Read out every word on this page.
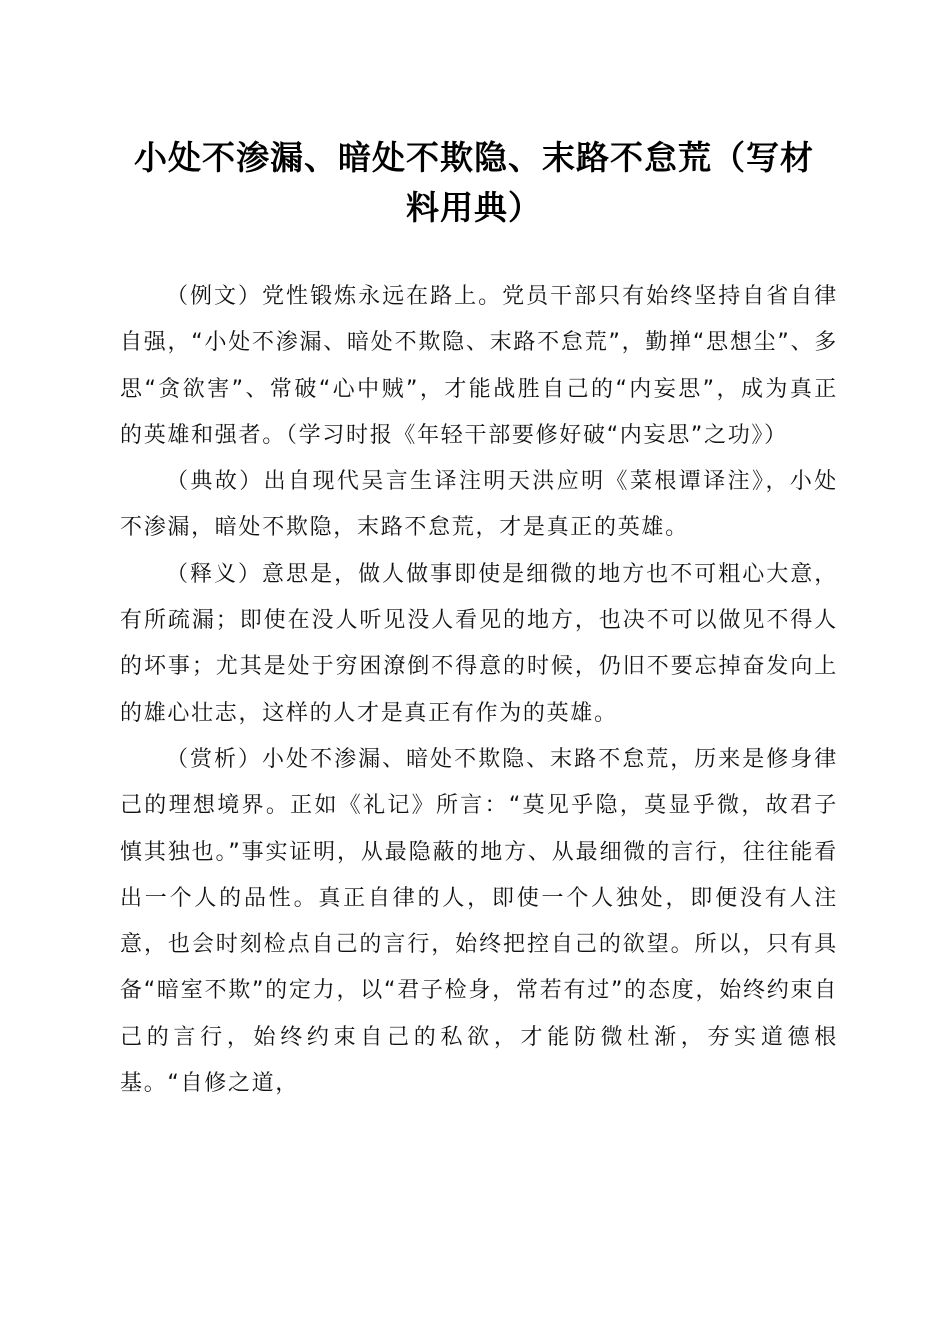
小处不渗漏、暗处不欺隐、末路不怠荒（写材料用典）

（例文）党性锻炼永远在路上。党员干部只有始终坚持自省自律自强，“小处不渗漏、暗处不欺隐、末路不怠荒”，勤掸“思想尘”、多思“贪欲害”、常破“心中贼”，才能战胜自己的“内妄思”，成为真正的英雄和强者。（学习时报《年轻干部要修好破“内妄思”之功》）

（典故）出自现代吴言生译注明天洪应明《菜根谭译注》，小处不渗漏，暗处不欺隐，末路不怠荒，才是真正的英雄。

（释义）意思是，做人做事即使是细微的地方也不可粗心大意，有所疏漏；即使在没人听见没人看见的地方，也决不可以做见不得人的坏事；尤其是处于穷困潦倒不得意的时候，仍旧不要忘掉奋发向上的雄心壮志，这样的人才是真正有作为的英雄。

（赏析）小处不渗漏、暗处不欺隐、末路不怠荒，历来是修身律己的理想境界。正如《礼记》所言：“莫见乎隐，莫显乎微，故君子慎其独也。”事实证明，从最隐蔽的地方、从最细微的言行，往往能看出一个人的品性。真正自律的人，即使一个人独处，即便没有人注意，也会时刻检点自己的言行，始终把控自己的欲望。所以，只有具备“暗室不欺”的定力，以“君子检身，常若有过”的态度，始终约束自己的言行，始终约束自己的私欲，才能防微杜渐，夯实道德根基。“自修之道，
